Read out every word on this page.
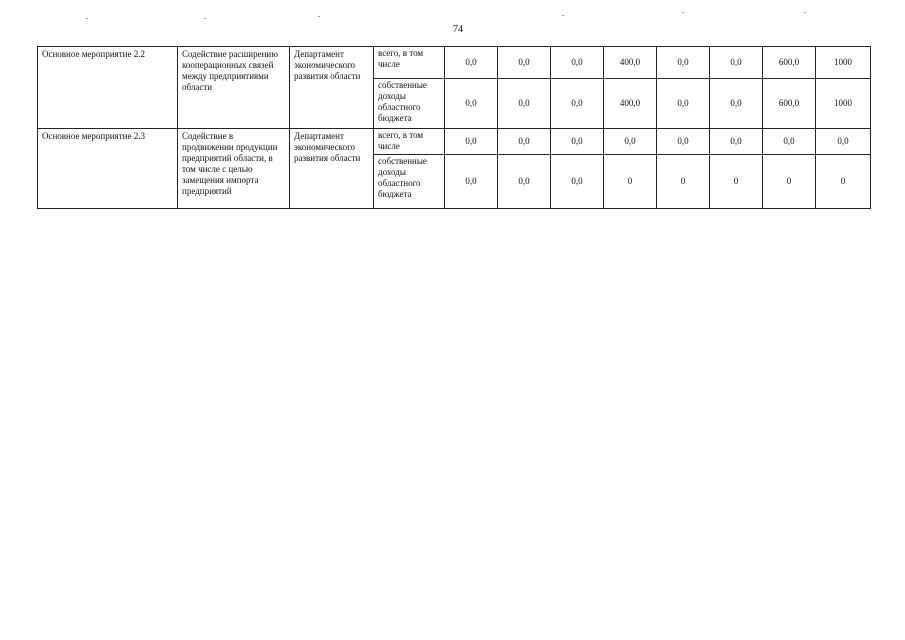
74
Основное мероприятие 2.2	Содействие расширению кооперационных связей между предприятиями области	Департамент экономического развития области	всего, в том числе	0,0	0,0	0,0	400,0	0,0	0,0	600,0	1000
			собственные доходы областного бюджета	0,0	0,0	0,0	400,0	0,0	0,0	600,0	1000
Основное мероприятие 2.3	Содействие в продвижении продукции предприятий области, в том числе с целью замещения импорта предприятий	Департамент экономического развития области	всего, в том числе	0,0	0,0	0,0	0,0	0,0	0,0	0,0	0,0
			собственные доходы областного бюджета	0,0	0,0	0,0	0	0	0	0	0
